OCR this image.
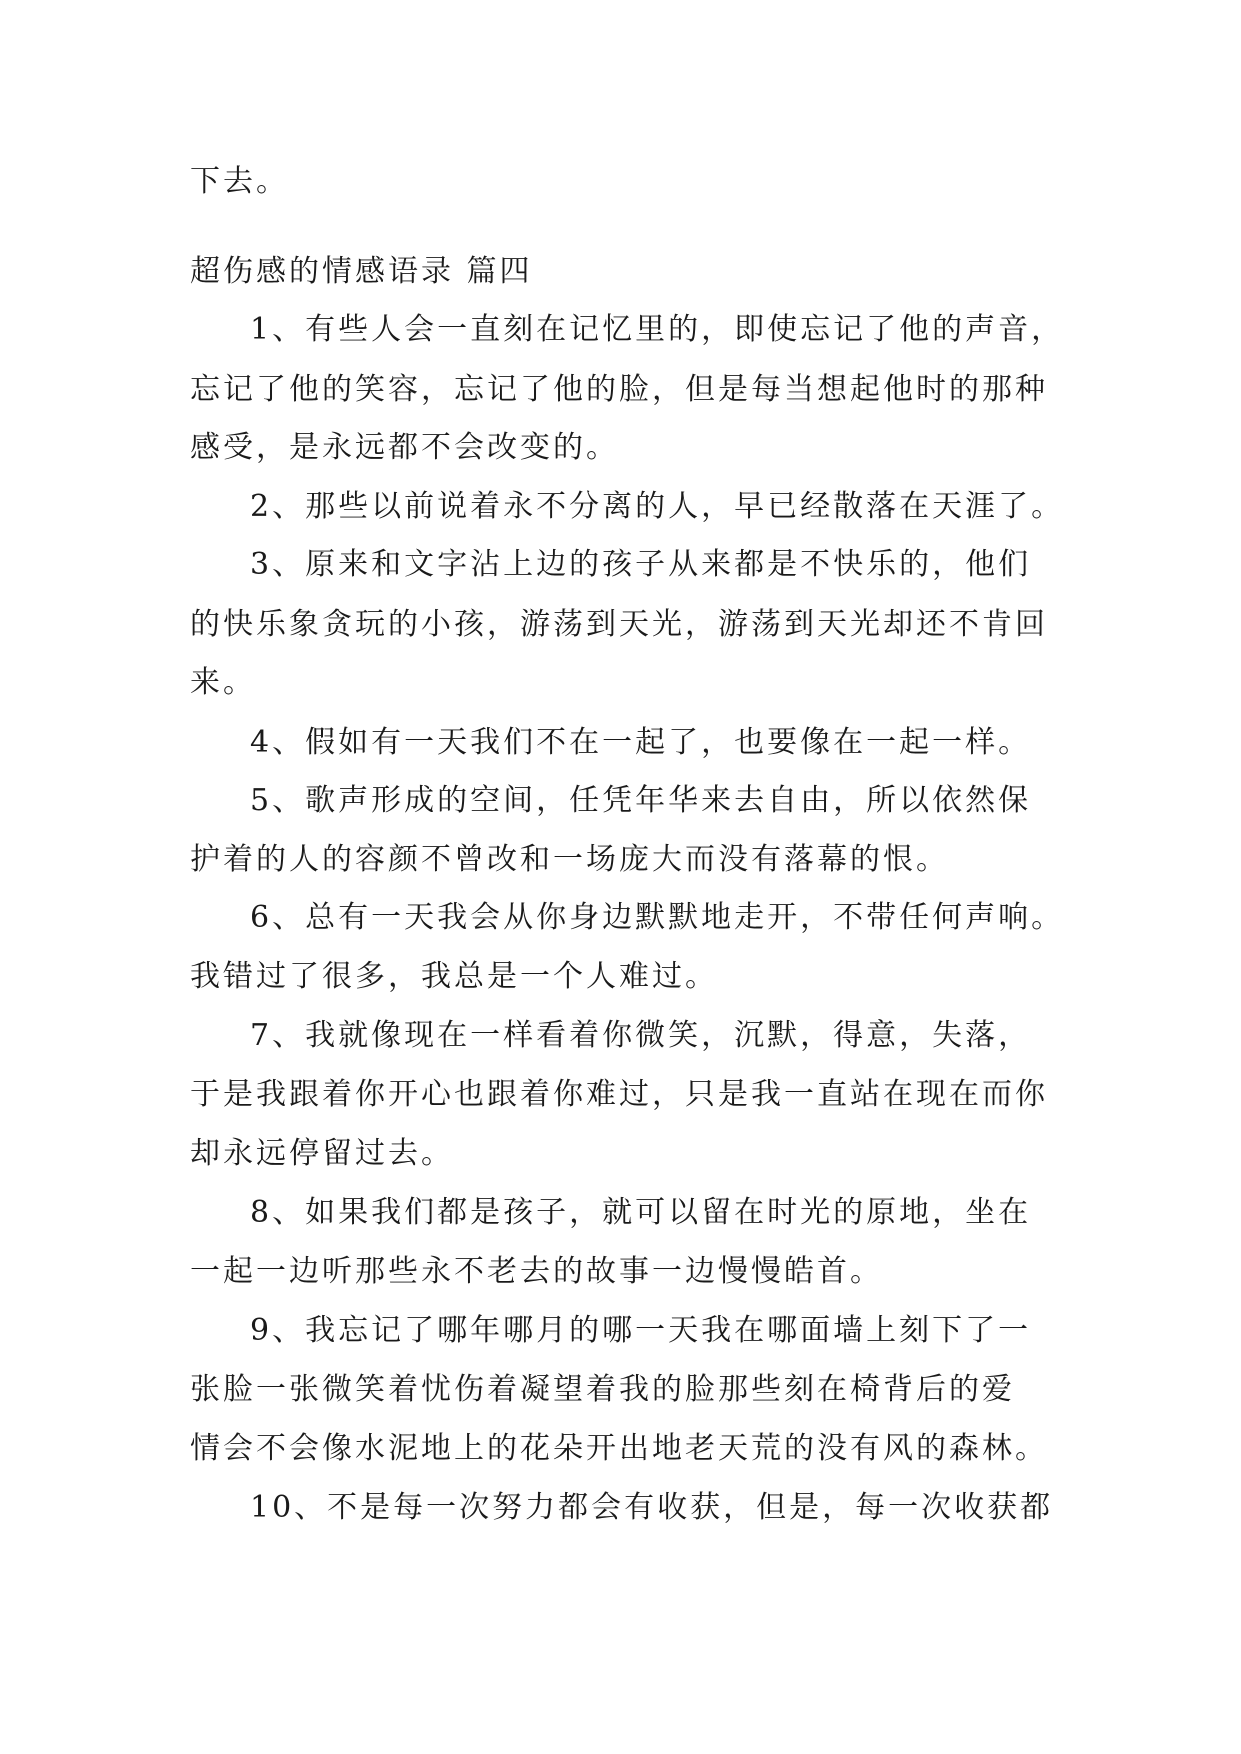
下去。
超伤感的情感语录 篇四
1、有些人会一直刻在记忆里的，即使忘记了他的声音，
忘记了他的笑容，忘记了他的脸，但是每当想起他时的那种
感受，是永远都不会改变的。
2、那些以前说着永不分离的人，早已经散落在天涯了。
3、原来和文字沾上边的孩子从来都是不快乐的，他们
的快乐象贪玩的小孩，游荡到天光，游荡到天光却还不肯回
来。
4、假如有一天我们不在一起了，也要像在一起一样。
5、歌声形成的空间，任凭年华来去自由，所以依然保
护着的人的容颜不曾改和一场庞大而没有落幕的恨。
6、总有一天我会从你身边默默地走开，不带任何声响。
我错过了很多，我总是一个人难过。
7、我就像现在一样看着你微笑，沉默，得意，失落，
于是我跟着你开心也跟着你难过，只是我一直站在现在而你
却永远停留过去。
8、如果我们都是孩子，就可以留在时光的原地，坐在
一起一边听那些永不老去的故事一边慢慢皓首。
9、我忘记了哪年哪月的哪一天我在哪面墙上刻下了一
张脸一张微笑着忧伤着凝望着我的脸那些刻在椅背后的爱
情会不会像水泥地上的花朵开出地老天荒的没有风的森林。
10、不是每一次努力都会有收获，但是，每一次收获都
